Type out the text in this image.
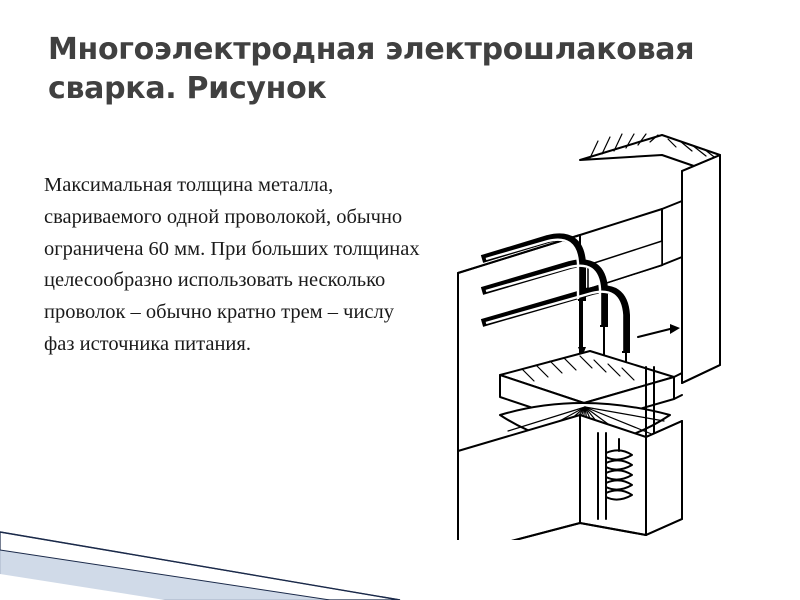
Многоэлектродная электрошлаковая сварка. Рисунок
Максимальная толщина металла, свариваемого одной проволокой, обычно ограничена 60 мм. При больших толщинах целесообразно использовать несколько проволок – обычно кратно трем – числу фаз источника питания.
